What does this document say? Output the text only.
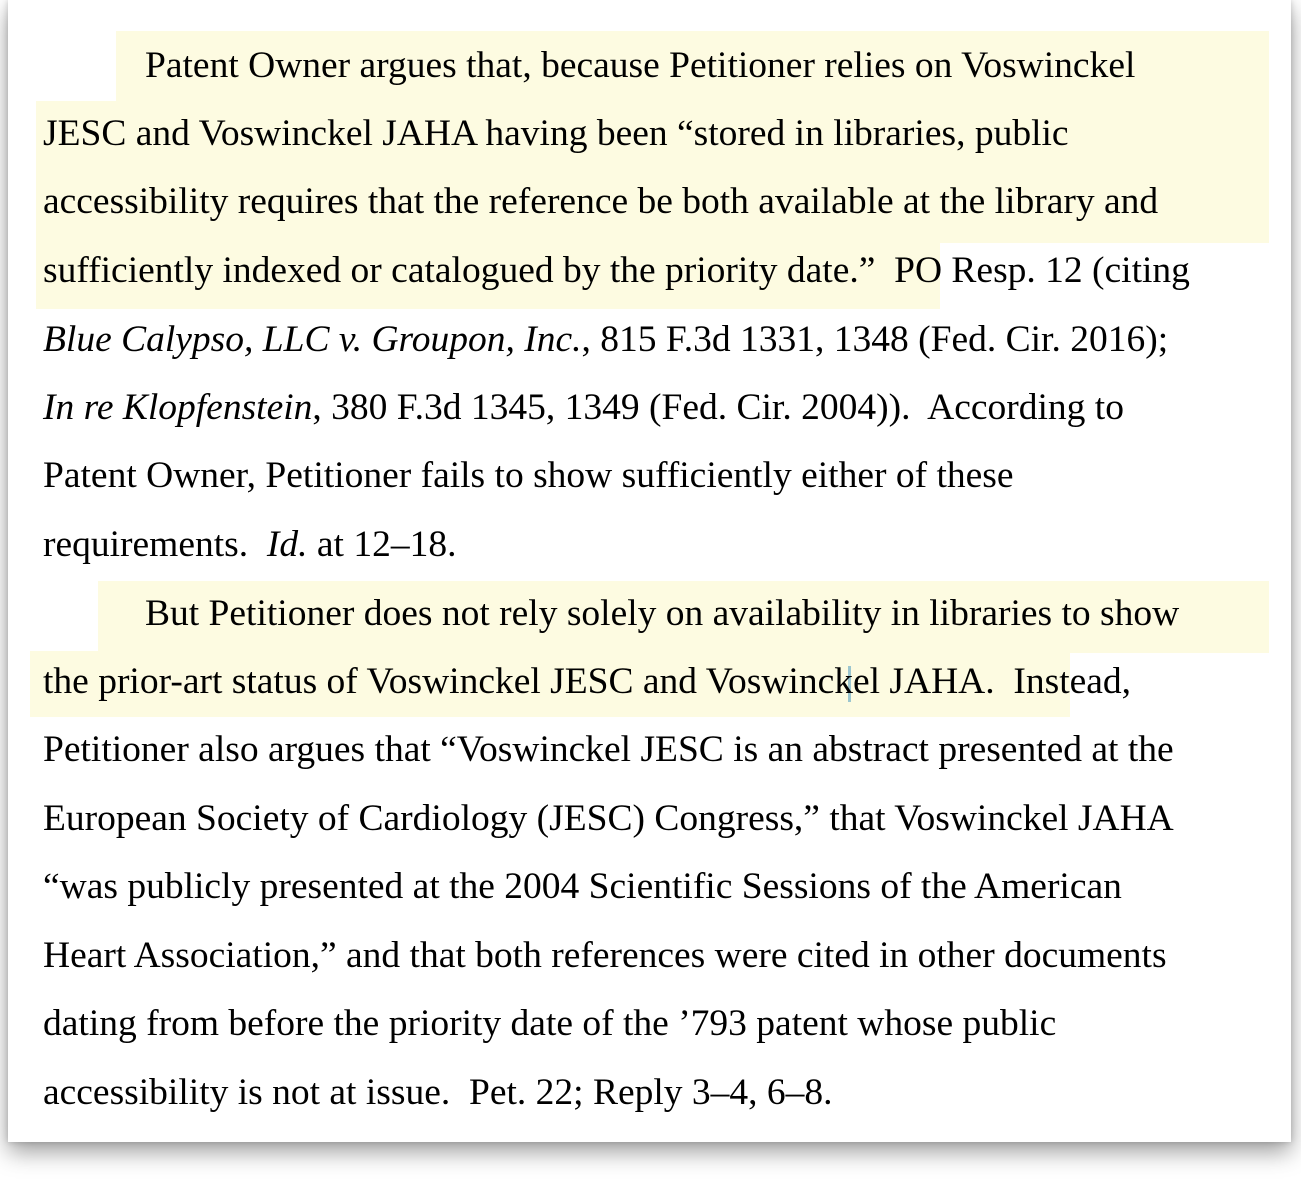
Patent Owner argues that, because Petitioner relies on Voswinckel
JESC and Voswinckel JAHA having been “stored in libraries, public
accessibility requires that the reference be both available at the library and
sufficiently indexed or catalogued by the priority date.”  PO Resp. 12 (citing
Blue Calypso, LLC v. Groupon, Inc., 815 F.3d 1331, 1348 (Fed. Cir. 2016);
In re Klopfenstein, 380 F.3d 1345, 1349 (Fed. Cir. 2004)).  According to
Patent Owner, Petitioner fails to show sufficiently either of these
requirements.  Id. at 12–18.
But Petitioner does not rely solely on availability in libraries to show
the prior-art status of Voswinckel JESC and Voswinckel JAHA.  Instead,
Petitioner also argues that “Voswinckel JESC is an abstract presented at the
European Society of Cardiology (JESC) Congress,” that Voswinckel JAHA
“was publicly presented at the 2004 Scientific Sessions of the American
Heart Association,” and that both references were cited in other documents
dating from before the priority date of the ’793 patent whose public
accessibility is not at issue.  Pet. 22; Reply 3–4, 6–8.
